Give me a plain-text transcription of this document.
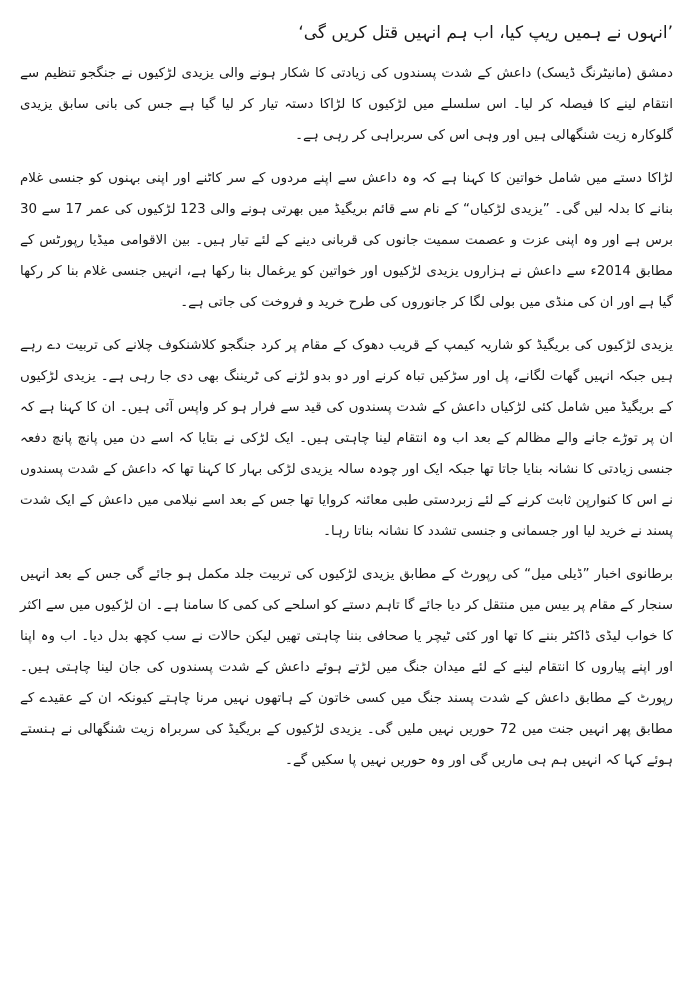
’انہوں نے ہمیں ریپ کیا، اب ہم انہیں قتل کریں گی‘

دمشق (مانیٹرنگ ڈیسک) داعش کے شدت پسندوں کی زیادتی کا شکار ہونے والی یزیدی لڑکیوں نے جنگجو تنظیم سے انتقام لینے کا فیصلہ کر لیا۔ اس سلسلے میں لڑکیوں کا لڑاکا دستہ تیار کر لیا گیا ہے جس کی بانی سابق یزیدی گلوکارہ زیت شنگھالی ہیں اور وہی اس کی سربراہی کر رہی ہے۔

لڑاکا دستے میں شامل خواتین کا کہنا ہے کہ وہ داعش سے اپنے مردوں کے سر کاٹنے اور اپنی بہنوں کو جنسی غلام بنانے کا بدلہ لیں گی۔ ”یزیدی لڑکیاں“ کے نام سے قائم بریگیڈ میں بھرتی ہونے والی 123 لڑکیوں کی عمر 17 سے 30 برس ہے اور وہ اپنی عزت و عصمت سمیت جانوں کی قربانی دینے کے لئے تیار ہیں۔ بین الاقوامی میڈیا رپورٹس کے مطابق 2014ء سے داعش نے ہزاروں یزیدی لڑکیوں اور خواتین کو یرغمال بنا رکھا ہے، انہیں جنسی غلام بنا کر رکھا گیا ہے اور ان کی منڈی میں بولی لگا کر جانوروں کی طرح خرید و فروخت کی جاتی ہے۔

یزیدی لڑکیوں کی بریگیڈ کو شاریہ کیمپ کے قریب دھوک کے مقام پر کرد جنگجو کلاشنکوف چلانے کی تربیت دے رہے ہیں جبکہ انہیں گھات لگانے، پل اور سڑکیں تباہ کرنے اور دو بدو لڑنے کی ٹریننگ بھی دی جا رہی ہے۔ یزیدی لڑکیوں کے بریگیڈ میں شامل کئی لڑکیاں داعش کے شدت پسندوں کی قید سے فرار ہو کر واپس آئی ہیں۔ ان کا کہنا ہے کہ ان پر توڑے جانے والے مظالم کے بعد اب وہ انتقام لینا چاہتی ہیں۔ ایک لڑکی نے بتایا کہ اسے دن میں پانچ پانچ دفعہ جنسی زیادتی کا نشانہ بنایا جاتا تھا جبکہ ایک اور چودہ سالہ یزیدی لڑکی بہار کا کہنا تھا کہ داعش کے شدت پسندوں نے اس کا کنوارپن ثابت کرنے کے لئے زبردستی طبی معائنہ کروایا تھا جس کے بعد اسے نیلامی میں داعش کے ایک شدت پسند نے خرید لیا اور جسمانی و جنسی تشدد کا نشانہ بناتا رہا۔

برطانوی اخبار ”ڈیلی میل“ کی رپورٹ کے مطابق یزیدی لڑکیوں کی تربیت جلد مکمل ہو جائے گی جس کے بعد انہیں سنجار کے مقام پر بیس میں منتقل کر دیا جائے گا تاہم دستے کو اسلحے کی کمی کا سامنا ہے۔ ان لڑکیوں میں سے اکثر کا خواب لیڈی ڈاکٹر بننے کا تھا اور کئی ٹیچر یا صحافی بننا چاہتی تھیں لیکن حالات نے سب کچھ بدل دیا۔ اب وہ اپنا اور اپنے پیاروں کا انتقام لینے کے لئے میدان جنگ میں لڑتے ہوئے داعش کے شدت پسندوں کی جان لینا چاہتی ہیں۔ رپورٹ کے مطابق داعش کے شدت پسند جنگ میں کسی خاتون کے ہاتھوں نہیں مرنا چاہتے کیونکہ ان کے عقیدے کے مطابق پھر انہیں جنت میں 72 حوریں نہیں ملیں گی۔ یزیدی لڑکیوں کے بریگیڈ کی سربراہ زیت شنگھالی نے ہنستے ہوئے کہا کہ انہیں ہم ہی ماریں گی اور وہ حوریں نہیں پا سکیں گے۔
